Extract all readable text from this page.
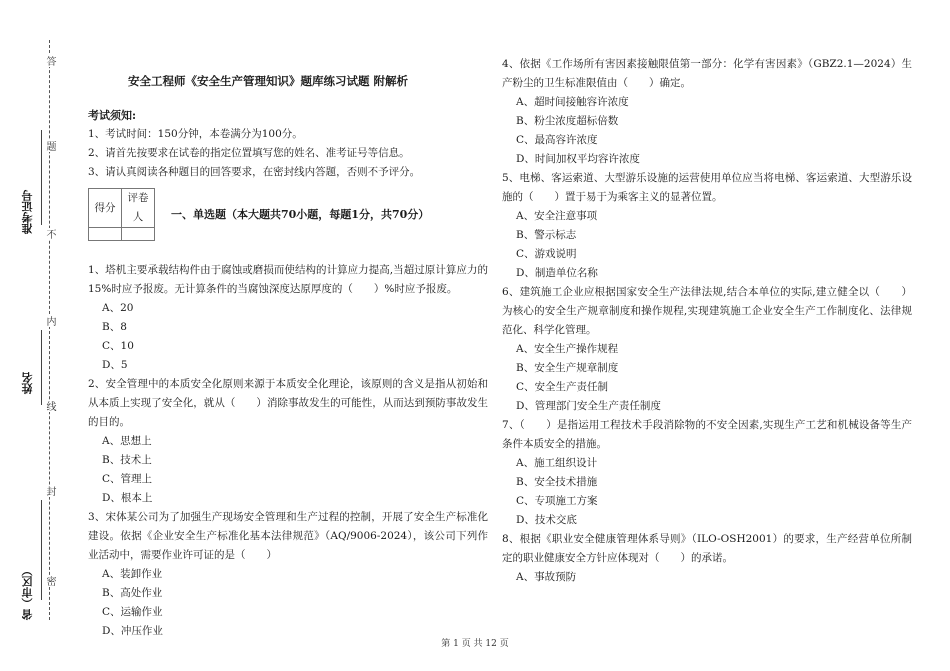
答
题
不
内
线
封
密
准考证号
姓名
省（市区）
安全工程师《安全生产管理知识》题库练习试题 附解析
考试须知:

1、考试时间：150分钟，本卷满分为100分。

2、请首先按要求在试卷的指定位置填写您的姓名、准考证号等信息。

3、请认真阅读各种题目的回答要求，在密封线内答题，否则不予评分。

得分	评卷人
		一、单选题（本大题共70小题，每题1分，共70分）

1、塔机主要承载结构件由于腐蚀或磨损而使结构的计算应力提高,当超过原计算应力的15%时应予报废。无计算条件的当腐蚀深度达原厚度的（　　）%时应予报废。

A、20

B、8

C、10

D、5

2、安全管理中的本质安全化原则来源于本质安全化理论，该原则的含义是指从初始和从本质上实现了安全化，就从（　　）消除事故发生的可能性，从而达到预防事故发生的目的。

A、思想上

B、技术上

C、管理上

D、根本上

3、宋体某公司为了加强生产现场安全管理和生产过程的控制，开展了安全生产标准化建设。依据《企业安全生产标准化基本法律规范》（AQ/9006-2024），该公司下列作业活动中，需要作业许可证的是（　　）

A、装卸作业

B、高处作业

C、运输作业

D、冲压作业

4、依据《工作场所有害因素接触限值第一部分：化学有害因素》（GBZ2.1—2024）生产粉尘的卫生标准限值由（　　）确定。

A、超时间接触容许浓度

B、粉尘浓度超标倍数

C、最高容许浓度

D、时间加权平均容许浓度

5、电梯、客运索道、大型游乐设施的运营使用单位应当将电梯、客运索道、大型游乐设施的（　　）置于易于为乘客主义的显著位置。

A、安全注意事项

B、警示标志

C、游戏说明

D、制造单位名称

6、建筑施工企业应根据国家安全生产法律法规,结合本单位的实际,建立健全以（　　）为核心的安全生产规章制度和操作规程,实现建筑施工企业安全生产工作制度化、法律规范化、科学化管理。

A、安全生产操作规程

B、安全生产规章制度

C、安全生产责任制

D、管理部门安全生产责任制度

7、（　　）是指运用工程技术手段消除物的不安全因素,实现生产工艺和机械设备等生产条件本质安全的措施。

A、施工组织设计

B、安全技术措施

C、专项施工方案

D、技术交底

8、根据《职业安全健康管理体系导则》（ILO-OSH2001）的要求，生产经营单位所制定的职业健康安全方针应体现对（　　）的承诺。

A、事故预防

第 1 页 共 12 页
